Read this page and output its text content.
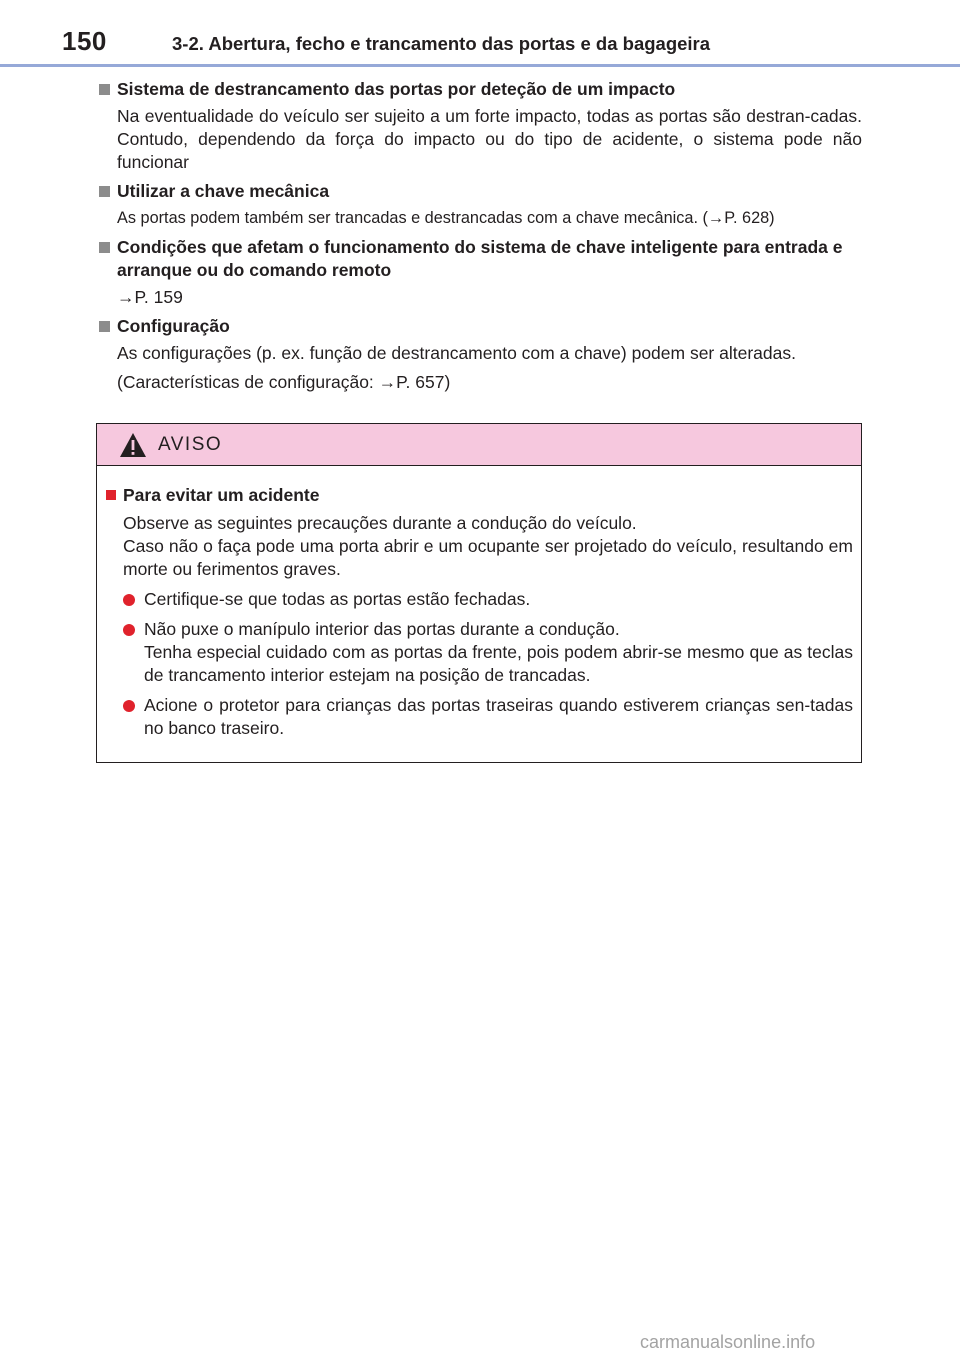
150	3-2. Abertura, fecho e trancamento das portas e da bagageira
Sistema de destrancamento das portas por deteção de um impacto

Na eventualidade do veículo ser sujeito a um forte impacto, todas as portas são destran-cadas. Contudo, dependendo da força do impacto ou do tipo de acidente, o sistema pode não funcionar

Utilizar a chave mecânica

As portas podem também ser trancadas e destrancadas com a chave mecânica. (→P. 628)

Condições que afetam o funcionamento do sistema de chave inteligente para entrada e arranque ou do comando remoto

→P. 159

Configuração

As configurações (p. ex. função de destrancamento com a chave) podem ser alteradas.

(Características de configuração: →P. 657)

AVISO
Para evitar um acidente
Observe as seguintes precauções durante a condução do veículo.
Caso não o faça pode uma porta abrir e um ocupante ser projetado do veículo, resultando em morte ou ferimentos graves.
Certifique-se que todas as portas estão fechadas.
Não puxe o manípulo interior das portas durante a condução.
Tenha especial cuidado com as portas da frente, pois podem abrir-se mesmo que as teclas de trancamento interior estejam na posição de trancadas.
Acione o protetor para crianças das portas traseiras quando estiverem crianças sen-tadas no banco traseiro.
carmanualsonline.info
